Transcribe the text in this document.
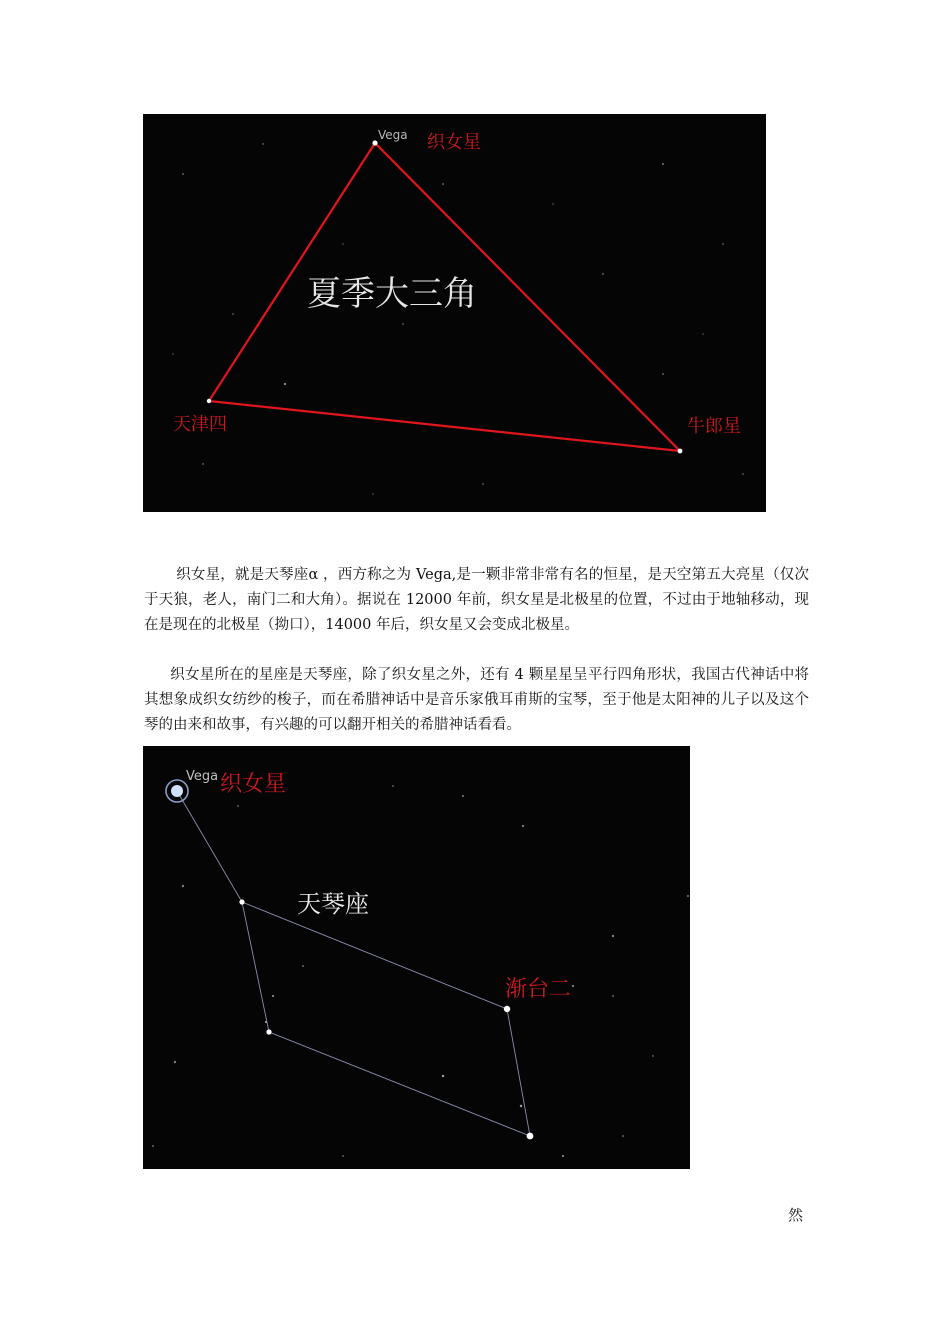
Vega 织女星
天津四	牛郎星
夏季大三角

织女星，就是天琴座α ，西方称之为 Vega,是一颗非常非常有名的恒星，是天空第五大亮星（仅次于天狼，老人，南门二和大角）。据说在 12000 年前，织女星是北极星的位置，不过由于地轴移动，现在是现在的北极星（拗口），14000 年后，织女星又会变成北极星。

织女星所在的星座是天琴座，除了织女星之外，还有 4 颗星星呈平行四角形状，我国古代神话中将其想象成织女纺纱的梭子，而在希腊神话中是音乐家俄耳甫斯的宝琴，至于他是太阳神的儿子以及这个琴的由来和故事，有兴趣的可以翻开相关的希腊神话看看。

Vega 织女星
天琴座
渐台二
然
